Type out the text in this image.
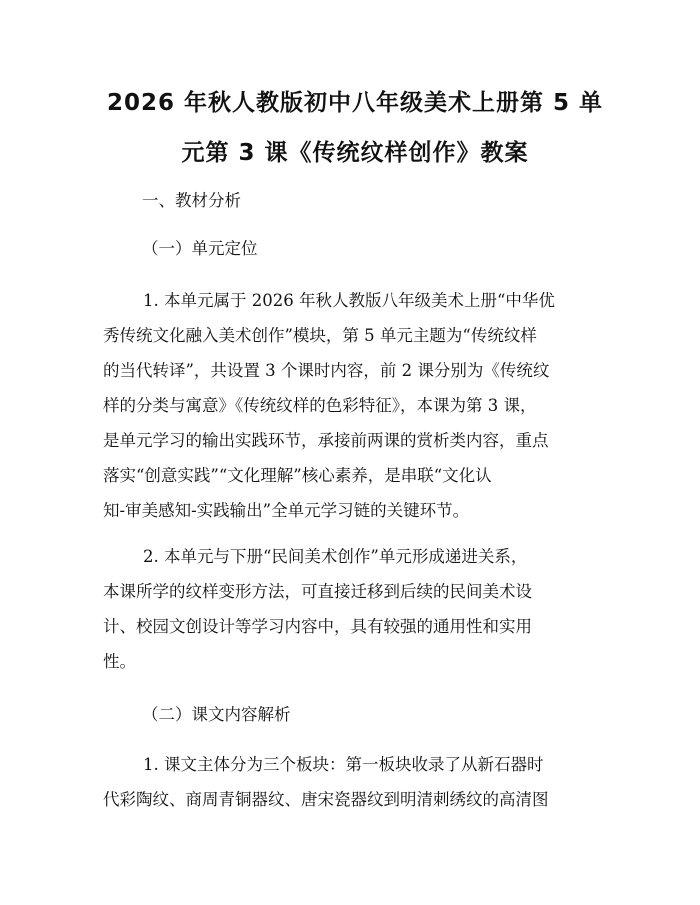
2026 年秋人教版初中八年级美术上册第 5 单
元第 3 课《传统纹样创作》教案

一、教材分析

（一）单元定位

1. 本单元属于 2026 年秋人教版八年级美术上册“中华优
秀传统文化融入美术创作”模块，第 5 单元主题为“传统纹样
的当代转译”，共设置 3 个课时内容，前 2 课分别为《传统纹
样的分类与寓意》《传统纹样的色彩特征》，本课为第 3 课，
是单元学习的输出实践环节，承接前两课的赏析类内容，重点
落实“创意实践”“文化理解”核心素养，是串联“文化认
知-审美感知-实践输出”全单元学习链的关键环节。
2. 本单元与下册“民间美术创作”单元形成递进关系，
本课所学的纹样变形方法，可直接迁移到后续的民间美术设
计、校园文创设计等学习内容中，具有较强的通用性和实用
性。

（二）课文内容解析

1. 课文主体分为三个板块：第一板块收录了从新石器时
代彩陶纹、商周青铜器纹、唐宋瓷器纹到明清刺绣纹的高清图
